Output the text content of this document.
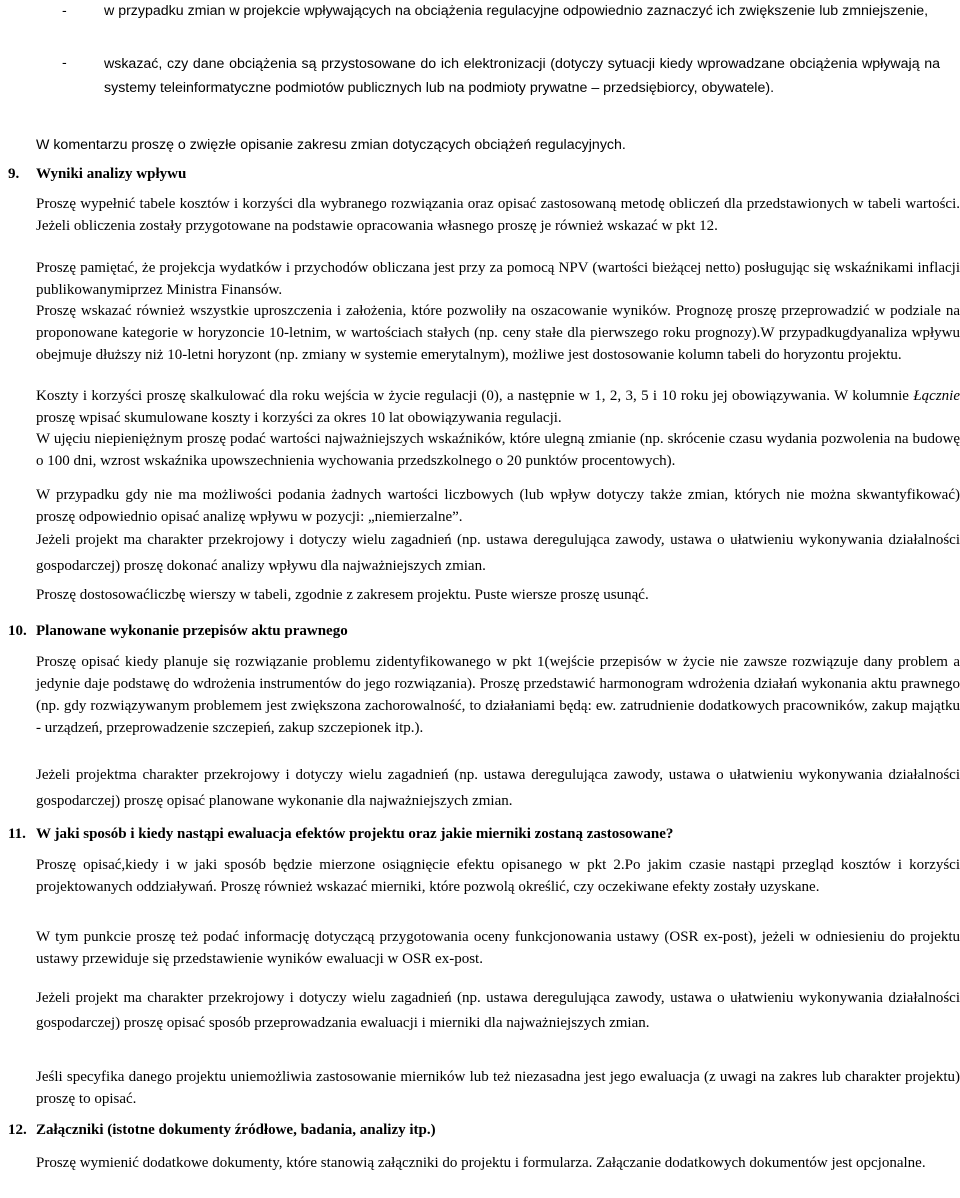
-	w przypadku zmian w projekcie wpływających na obciążenia regulacyjne odpowiednio zaznaczyć ich zwiększenie lub zmniejszenie,

-	wskazać, czy dane obciążenia są przystosowane do ich elektronizacji (dotyczy sytuacji kiedy wprowadzane obciążenia wpływają na systemy teleinformatyczne podmiotów publicznych lub na podmioty prywatne – przedsiębiorcy, obywatele).

W komentarzu proszę o zwięzłe opisanie zakresu zmian dotyczących obciążeń regulacyjnych.

9. Wyniki analizy wpływu

Proszę wypełnić tabele kosztów i korzyści dla wybranego rozwiązania oraz opisać zastosowaną metodę obliczeń dla przedstawionych w tabeli wartości. Jeżeli obliczenia zostały przygotowane na podstawie opracowania własnego proszę je również wskazać w pkt 12.

Proszę pamiętać, że projekcja wydatków i przychodów obliczana jest przy za pomocą NPV (wartości bieżącej netto) posługując się wskaźnikami inflacji publikowanymiprzez Ministra Finansów.

Proszę wskazać również wszystkie uproszczenia i założenia, które pozwoliły na oszacowanie wyników. Prognozę proszę przeprowadzić w podziale na proponowane kategorie w horyzoncie 10-letnim, w wartościach stałych (np. ceny stałe dla pierwszego roku prognozy).W przypadkugdyanaliza wpływu obejmuje dłuższy niż 10-letni horyzont (np. zmiany w systemie emerytalnym), możliwe jest dostosowanie kolumn tabeli do horyzontu projektu.

Koszty i korzyści proszę skalkulować dla roku wejścia w życie regulacji (0), a następnie w 1, 2, 3, 5 i 10 roku jej obowiązywania. W kolumnie Łącznie proszę wpisać skumulowane koszty i korzyści za okres 10 lat obowiązywania regulacji.

W ujęciu niepieniężnym proszę podać wartości najważniejszych wskaźników, które ulegną zmianie (np. skrócenie czasu wydania pozwolenia na budowę o 100 dni, wzrost wskaźnika upowszechnienia wychowania przedszkolnego o 20 punktów procentowych).

W przypadku gdy nie ma możliwości podania żadnych wartości liczbowych (lub wpływ dotyczy także zmian, których nie można skwantyfikować) proszę odpowiednio opisać analizę wpływu w pozycji: „niemierzalne”.

Jeżeli projekt ma charakter przekrojowy i dotyczy wielu zagadnień (np. ustawa deregulująca zawody, ustawa o ułatwieniu wykonywania działalności gospodarczej) proszę dokonać analizy wpływu dla najważniejszych zmian.

Proszę dostosowaćliczbę wierszy w tabeli, zgodnie z zakresem projektu. Puste wiersze proszę usunąć.

10. Planowane wykonanie przepisów aktu prawnego

Proszę opisać kiedy planuje się rozwiązanie problemu zidentyfikowanego w pkt 1(wejście przepisów w życie nie zawsze rozwiązuje dany problem a jedynie daje podstawę do wdrożenia instrumentów do jego rozwiązania). Proszę przedstawić harmonogram wdrożenia działań wykonania aktu prawnego (np. gdy rozwiązywanym problemem jest zwiększona zachorowalność, to działaniami będą: ew. zatrudnienie dodatkowych pracowników, zakup majątku - urządzeń, przeprowadzenie szczepień, zakup szczepionek itp.).

Jeżeli projektma charakter przekrojowy i dotyczy wielu zagadnień (np. ustawa deregulująca zawody, ustawa o ułatwieniu wykonywania działalności gospodarczej) proszę opisać planowane wykonanie dla najważniejszych zmian.

11. W jaki sposób i kiedy nastąpi ewaluacja efektów projektu oraz jakie mierniki zostaną zastosowane?

Proszę opisać,kiedy i w jaki sposób będzie mierzone osiągnięcie efektu opisanego w pkt 2.Po jakim czasie nastąpi przegląd kosztów i korzyści projektowanych oddziaływań. Proszę również wskazać mierniki, które pozwolą określić, czy oczekiwane efekty zostały uzyskane.

W tym punkcie proszę też podać informację dotyczącą przygotowania oceny funkcjonowania ustawy (OSR ex-post), jeżeli w odniesieniu do projektu ustawy przewiduje się przedstawienie wyników ewaluacji w OSR ex-post.

Jeżeli projekt ma charakter przekrojowy i dotyczy wielu zagadnień (np. ustawa deregulująca zawody, ustawa o ułatwieniu wykonywania działalności gospodarczej) proszę opisać sposób przeprowadzania ewaluacji i mierniki dla najważniejszych zmian.

Jeśli specyfika danego projektu uniemożliwia zastosowanie mierników lub też niezasadna jest jego ewaluacja (z uwagi na zakres lub charakter projektu) proszę to opisać.

12. Załączniki (istotne dokumenty źródłowe, badania, analizy itp.)

Proszę wymienić dodatkowe dokumenty, które stanowią załączniki do projektu i formularza. Załączanie dodatkowych dokumentów jest opcjonalne.
